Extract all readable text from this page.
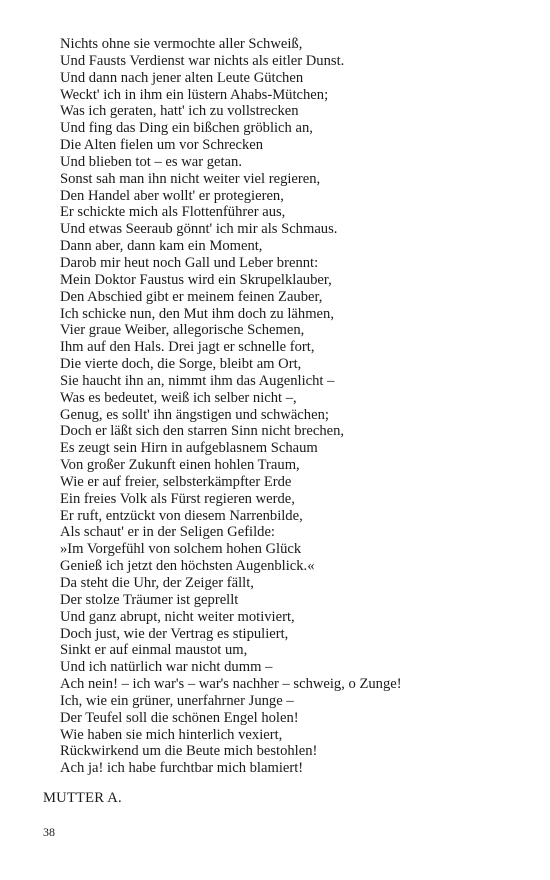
Nichts ohne sie vermochte aller Schweiß,
Und Fausts Verdienst war nichts als eitler Dunst.
Und dann nach jener alten Leute Gütchen
Weckt' ich in ihm ein lüstern Ahabs-Mütchen;
Was ich geraten, hatt' ich zu vollstrecken
Und fing das Ding ein bißchen gröblich an,
Die Alten fielen um vor Schrecken
Und blieben tot – es war getan.
Sonst sah man ihn nicht weiter viel regieren,
Den Handel aber wollt' er protegieren,
Er schickte mich als Flottenführer aus,
Und etwas Seeraub gönnt' ich mir als Schmaus.
Dann aber, dann kam ein Moment,
Darob mir heut noch Gall und Leber brennt:
Mein Doktor Faustus wird ein Skrupelklauber,
Den Abschied gibt er meinem feinen Zauber,
Ich schicke nun, den Mut ihm doch zu lähmen,
Vier graue Weiber, allegorische Schemen,
Ihm auf den Hals. Drei jagt er schnelle fort,
Die vierte doch, die Sorge, bleibt am Ort,
Sie haucht ihn an, nimmt ihm das Augenlicht –
Was es bedeutet, weiß ich selber nicht –,
Genug, es sollt' ihn ängstigen und schwächen;
Doch er läßt sich den starren Sinn nicht brechen,
Es zeugt sein Hirn in aufgeblasnem Schaum
Von großer Zukunft einen hohlen Traum,
Wie er auf freier, selbsterkämpfter Erde
Ein freies Volk als Fürst regieren werde,
Er ruft, entzückt von diesem Narrenbilde,
Als schaut' er in der Seligen Gefilde:
»Im Vorgefühl von solchem hohen Glück
Genieß ich jetzt den höchsten Augenblick.«
Da steht die Uhr, der Zeiger fällt,
Der stolze Träumer ist geprellt
Und ganz abrupt, nicht weiter motiviert,
Doch just, wie der Vertrag es stipuliert,
Sinkt er auf einmal maustot um,
Und ich natürlich war nicht dumm –
Ach nein! – ich war's – war's nachher – schweig, o Zunge!
Ich, wie ein grüner, unerfahrner Junge –
Der Teufel soll die schönen Engel holen!
Wie haben sie mich hinterlich vexiert,
Rückwirkend um die Beute mich bestohlen!
Ach ja! ich habe furchtbar mich blamiert!
MUTTER A.
38
